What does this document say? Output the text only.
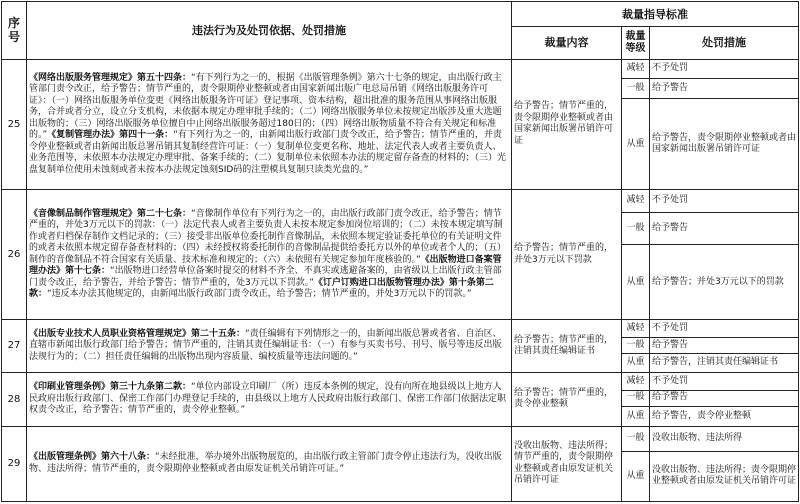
序号	违法行为及处罚依据、处罚措施	裁量指导标准		
		裁量内容	裁量等级	处罚措施
25	《网络出版服务管理规定》第五十四条：“有下列行为之一的，根据《出版管理条例》第六十七条的规定，由出版行政主管部门责令改正，给予警告；情节严重的，责令限期停业整顿或者由国家新闻出版广电总局吊销《网络出版服务许可证》：（一）网络出版服务单位变更《网络出版服务许可证》登记事项、资本结构，超出批准的服务范围从事网络出版服务，合并或者分立，设立分支机构，未依据本规定办理审批手续的；（二）网络出版服务单位未按规定出版涉及重大选题出版物的；（三）网络出版服务单位擅自中止网络出版服务超过180日的；（四）网络出版物质量不符合有关规定和标准的。”《复制管理办法》第四十一条：“有下列行为之一的，由新闻出版行政部门责令改正，给予警告；情节严重的，并责令停业整顿或者由新闻出版总署吊销其复制经营许可证：（一）复制单位变更名称、地址、法定代表人或者主要负责人、业务范围等，未依照本办法规定办理审批、备案手续的；（二）复制单位未依照本办法的规定留存备查的材料的；（三）光盘复制单位使用未蚀刻或者未按本办法规定蚀刻SID码的注塑模具复制只读类光盘的。”	给予警告；情节严重的，责令限期停业整顿或者由国家新闻出版署吊销许可证	减轻	不予处罚
			一般	给予警告
			从重	给予警告，责令限期停业整顿或者由国家新闻出版署吊销许可证
26	《音像制品制作管理规定》第二十七条：“音像制作单位有下列行为之一的，由出版行政部门责令改正，给予警告；情节严重的，并处3万元以下的罚款：（一）法定代表人或者主要负责人未按本规定参加岗位培训的；（二）未按本规定填写制作或者归档保存制作文档记录的；（三）接受非出版单位委托制作音像制品，未依照本规定验证委托单位的有关证明文件的或者未依照本规定留存备查材料的；（四）未经授权将委托制作的音像制品提供给委托方以外的单位或者个人的；（五）制作的音像制品不符合国家有关质量、技术标准和规定的；（六）未依照有关规定参加年度核验的。”《出版物进口备案管理办法》第十七条：“出版物进口经营单位备案时提交的材料不齐全、不真实或逃避备案的，由省级以上出版行政主管部门责令改正，给予警告，并给予警告；情节严重的，处3万元以下罚款。”《订户订购进口出版物管理办法》第十条第二款：“违反本办法其他规定的，由新闻出版行政部门责令改正，给予警告；情节严重的，并处3万元以下的罚款。”	给予警告；情节严重的，并处3万元以下罚款	减轻	不予处罚
			一般	给予警告
			从重	给予警告；并处3万元以下的罚款
27	《出版专业技术人员职业资格管理规定》第二十五条：“责任编辑有下列情形之一的，由新闻出版总署或者省、自治区、直辖市新闻出版行政部门给予警告；情节严重的，注销其责任编辑证书：（一）有参与买卖书号、刊号、版号等违反出版法规行为的；（二）担任责任编辑的出版物出现内容质量、编校质量等违法问题的。”	给予警告；情节严重的，注销其责任编辑证书	减轻	不予处罚
			一般	给予警告
			从重	给予警告，注销其责任编辑证书
28	《印刷业管理条例》第三十九条第二款：“单位内部设立印刷厂（所）违反本条例的规定，没有向所在地县级以上地方人民政府出版行政部门、保密工作部门办理登记手续的，由县级以上地方人民政府出版行政部门、保密工作部门依据法定职权责令改正，给予警告；情节严重的，责令停业整顿。”	给予警告；情节严重的，责令停业整顿	减轻	不予处罚
			一般	给予警告
			从重	给予警告，责令停业整顿
29	《出版管理条例》第六十八条：“未经批准，举办境外出版物展览的，由出版行政主管部门责令停止违法行为，没收出版物、违法所得；情节严重的，责令限期停业整顿或者由原发证机关吊销许可证。”	没收出版物、违法所得；情节严重的，责令限期停业整顿或者由原发证机关吊销许可证	一般	没收出版物、违法所得
			从重	没收出版物、违法所得；责令限期停业整顿或者由原发证机关吊销许可证
